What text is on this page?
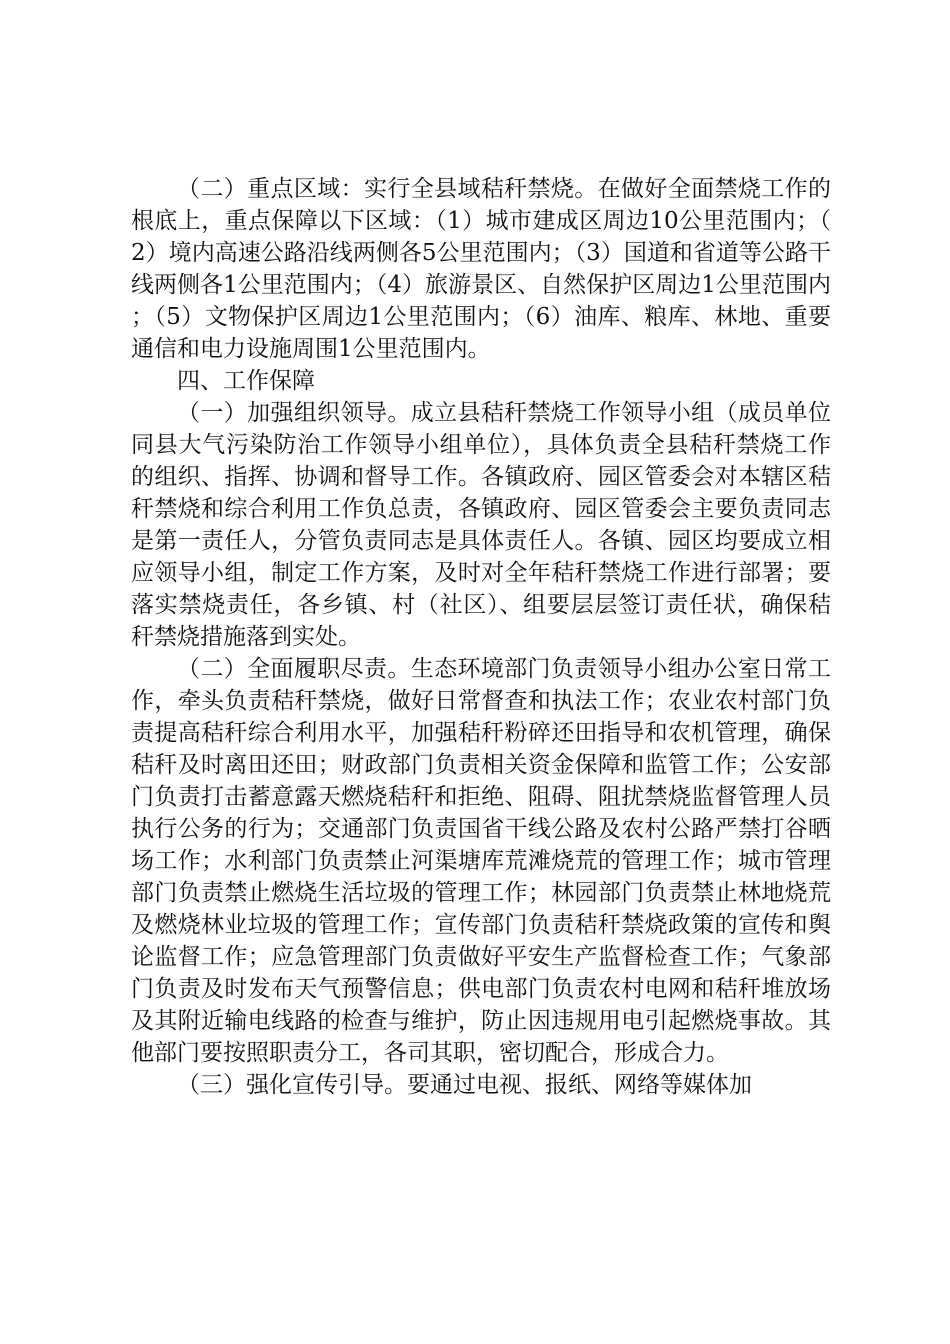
（二）重点区域：实行全县域秸秆禁烧。在做好全面禁烧工作的根底上，重点保障以下区域：（1）城市建成区周边10公里范围内；（2）境内高速公路沿线两侧各5公里范围内；（3）国道和省道等公路干线两侧各1公里范围内；（4）旅游景区、自然保护区周边1公里范围内；（5）文物保护区周边1公里范围内；（6）油库、粮库、林地、重要通信和电力设施周围1公里范围内。

四、工作保障

（一）加强组织领导。成立县秸秆禁烧工作领导小组（成员单位同县大气污染防治工作领导小组单位），具体负责全县秸秆禁烧工作的组织、指挥、协调和督导工作。各镇政府、园区管委会对本辖区秸秆禁烧和综合利用工作负总责，各镇政府、园区管委会主要负责同志是第一责任人，分管负责同志是具体责任人。各镇、园区均要成立相应领导小组，制定工作方案，及时对全年秸秆禁烧工作进行部署；要落实禁烧责任，各乡镇、村（社区）、组要层层签订责任状，确保秸秆禁烧措施落到实处。

（二）全面履职尽责。生态环境部门负责领导小组办公室日常工作，牵头负责秸秆禁烧，做好日常督查和执法工作；农业农村部门负责提高秸秆综合利用水平，加强秸秆粉碎还田指导和农机管理，确保秸秆及时离田还田；财政部门负责相关资金保障和监管工作；公安部门负责打击蓄意露天燃烧秸秆和拒绝、阻碍、阻扰禁烧监督管理人员执行公务的行为；交通部门负责国省干线公路及农村公路严禁打谷晒场工作；水利部门负责禁止河渠塘库荒滩烧荒的管理工作；城市管理部门负责禁止燃烧生活垃圾的管理工作；林园部门负责禁止林地烧荒及燃烧林业垃圾的管理工作；宣传部门负责秸秆禁烧政策的宣传和舆论监督工作；应急管理部门负责做好平安生产监督检查工作；气象部门负责及时发布天气预警信息；供电部门负责农村电网和秸秆堆放场及其附近输电线路的检查与维护，防止因违规用电引起燃烧事故。其他部门要按照职责分工，各司其职，密切配合，形成合力。

（三）强化宣传引导。要通过电视、报纸、网络等媒体加
